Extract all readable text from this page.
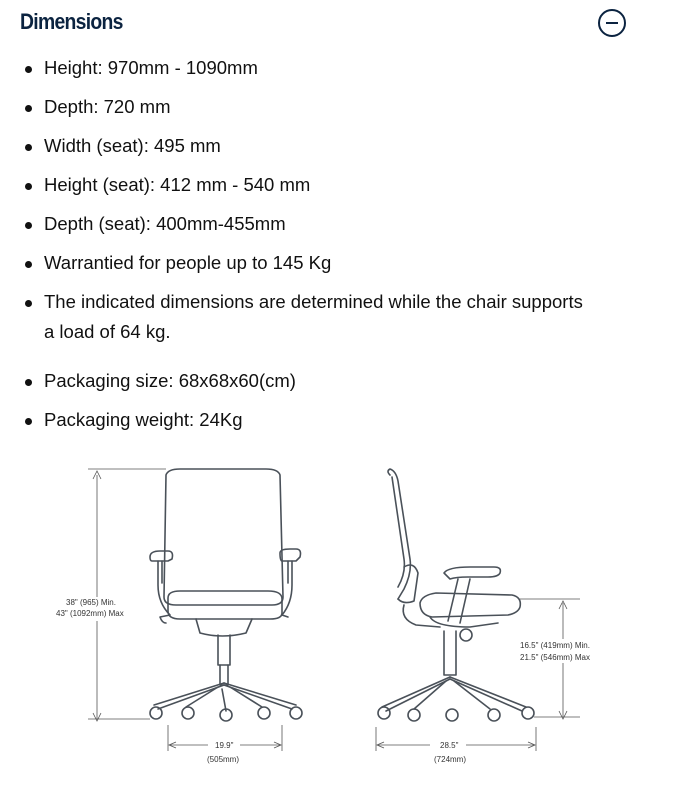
Dimensions
Height: 970mm - 1090mm
Depth: 720 mm
Width (seat): 495 mm
Height (seat): 412 mm - 540 mm
Depth (seat): 400mm-455mm
Warrantied for people up to 145 Kg
The indicated dimensions are determined while the chair supports a load of 64 kg.
Packaging size: 68x68x60(cm)
Packaging weight: 24Kg
38" (965) Min.
43" (1092mm) Max
19.9"
(505mm)
16.5" (419mm) Min.
21.5" (546mm) Max
28.5"
(724mm)
